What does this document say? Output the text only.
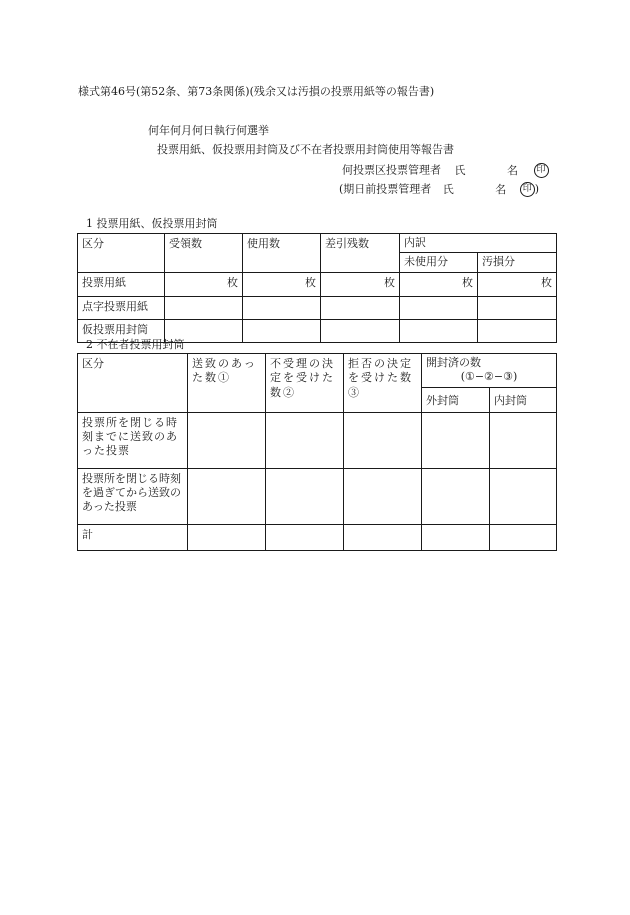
様式第46号(第52条、第73条関係)(残余又は汚損の投票用紙等の報告書)
何年何月何日執行何選挙
投票用紙、仮投票用封筒及び不在者投票用封筒使用等報告書
何投票区投票管理者 氏	名 印
(期日前投票管理者 氏	名 印 )
1 投票用紙、仮投票用封筒
区分	受領数	使用数	差引残数	内訳	

				未使用分	汚損分

投票用紙	枚	枚	枚	枚	枚

点字投票用紙					

仮投票用封筒					

2 不在者投票用封筒
区分	送致のあった数①	不受理の決定を受けた数②	拒否の決定を受けた数③	開封済の数
(①−②−③)	

				外封筒	内封筒

投票所を閉じる時刻までに送致のあった投票					

投票所を閉じる時刻を過ぎてから送致のあった投票					

計					
